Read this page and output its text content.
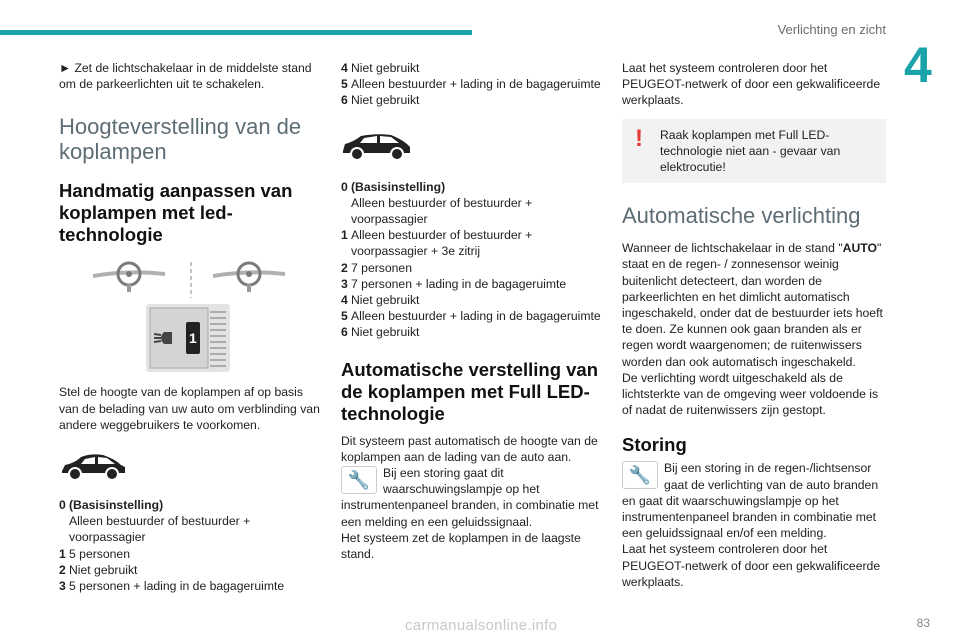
Verlichting en zicht
4

► Zet de lichtschakelaar in de middelste stand om de parkeerlichten uit te schakelen.

Hoogteverstelling van de koplampen
Handmatig aanpassen van koplampen met led-technologie
1

Stel de hoogte van de koplampen af op basis van de belading van uw auto om verblinding van andere weggebruikers te voorkomen.

0 (Basisinstelling)
Alleen bestuurder of bestuurder + voorpassagier
1 5 personen
2 Niet gebruikt
3 5 personen + lading in de bagageruimte
4 Niet gebruikt
5 Alleen bestuurder + lading in de bagageruimte
6 Niet gebruikt
0 (Basisinstelling)
Alleen bestuurder of bestuurder + voorpassagier
1 Alleen bestuurder of bestuurder + voorpassagier + 3e zitrij
2 7 personen
3 7 personen + lading in de bagageruimte
4 Niet gebruikt
5 Alleen bestuurder + lading in de bagageruimte
6 Niet gebruikt
Automatische verstelling van de koplampen met Full LED-technologie

Dit systeem past automatisch de hoogte van de koplampen aan de lading van de auto aan.

🔧	Bij een storing gaat dit waarschuwingslampje op het instrumentenpaneel branden, in combinatie met een melding en een geluidssignaal.

Het systeem zet de koplampen in de laagste stand.

Laat het systeem controleren door het PEUGEOT-netwerk of door een gekwalificeerde werkplaats.

!	Raak koplampen met Full LED-technologie niet aan - gevaar van elektrocutie!

Automatische verlichting

Wanneer de lichtschakelaar in de stand "AUTO" staat en de regen- / zonnesensor weinig buitenlicht detecteert, dan worden de parkeerlichten en het dimlicht automatisch ingeschakeld, onder dat de bestuurder iets hoeft te doen. Ze kunnen ook gaan branden als er regen wordt waargenomen; de ruitenwissers worden dan ook automatisch ingeschakeld.

De verlichting wordt uitgeschakeld als de lichtsterkte van de omgeving weer voldoende is of nadat de ruitenwissers zijn gestopt.

Storing

🔧	Bij een storing in de regen-/lichtsensor gaat de verlichting van de auto branden en gaat dit waarschuwingslampje op het instrumentenpaneel branden in combinatie met een geluidssignaal en/of een melding.

Laat het systeem controleren door het PEUGEOT-netwerk of door een gekwalificeerde werkplaats.

carmanualsonline.info	83
